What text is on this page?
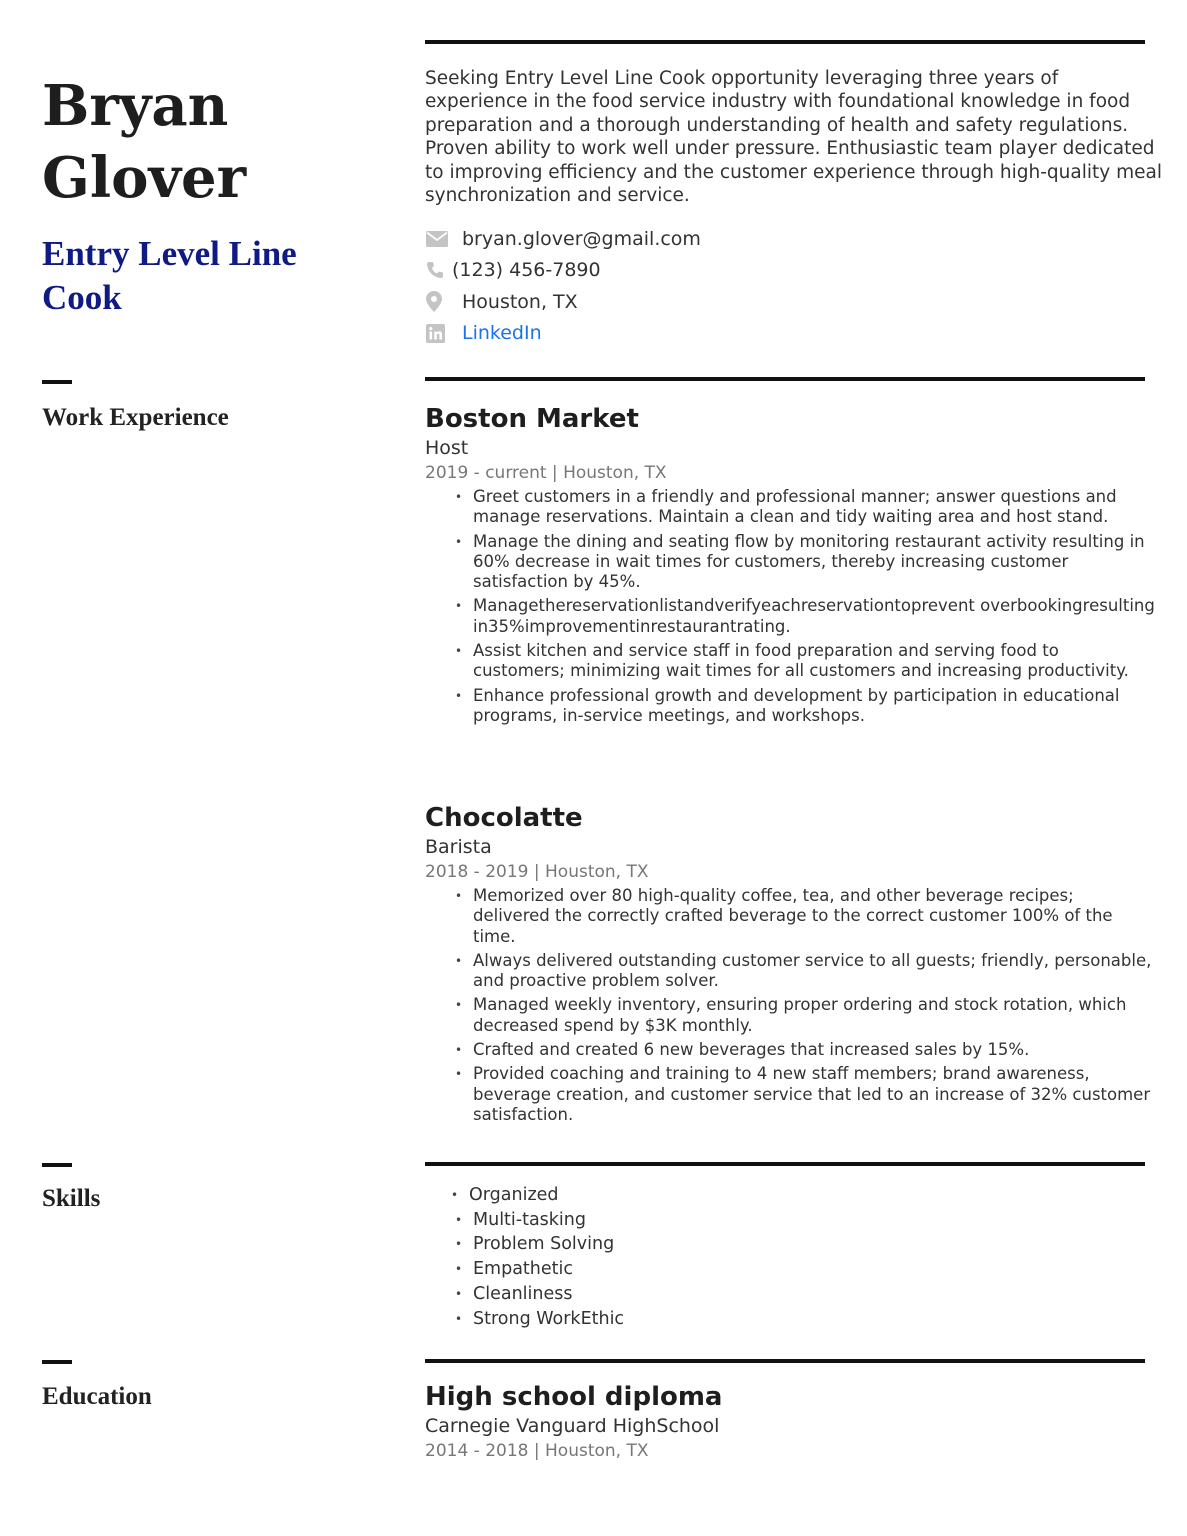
Bryan
Glover
Entry Level Line
Cook
Work Experience
Skills
Education
Seeking Entry Level Line Cook opportunity leveraging three years of experience in the food service industry with foundational knowledge in food preparation and a thorough understanding of health and safety regulations. Proven ability to work well under pressure. Enthusiastic team player dedicated to improving efficiency and the customer experience through high-quality meal synchronization and service.
bryan.glover@gmail.com
(123) 456-7890
Houston, TX
LinkedIn
Boston Market
Host
2019 - current | Houston, TX
• Greet customers in a friendly and professional manner; answer questions and manage reservations. Maintain a clean and tidy waiting area and host stand.
• Manage the dining and seating flow by monitoring restaurant activity resulting in 60% decrease in wait times for customers, thereby increasing customer satisfaction by 45%.
• Managethereservationlistandverifyeachreservationtoprevent overbookingresultingin35%improvementinrestaurantrating.
• Assist kitchen and service staff in food preparation and serving food to customers; minimizing wait times for all customers and increasing productivity.
• Enhance professional growth and development by participation in educational programs, in-service meetings, and workshops.
Chocolatte
Barista
2018 - 2019 | Houston, TX
• Memorized over 80 high-quality coffee, tea, and other beverage recipes; delivered the correctly crafted beverage to the correct customer 100% of the time.
• Always delivered outstanding customer service to all guests; friendly, personable, and proactive problem solver.
• Managed weekly inventory, ensuring proper ordering and stock rotation, which decreased spend by $3K monthly.
• Crafted and created 6 new beverages that increased sales by 15%.
• Provided coaching and training to 4 new staff members; brand awareness, beverage creation, and customer service that led to an increase of 32% customer satisfaction.
• Organized
• Multi-tasking
• Problem Solving
• Empathetic
• Cleanliness
• Strong WorkEthic
High school diploma
Carnegie Vanguard HighSchool
2014 - 2018 | Houston, TX
